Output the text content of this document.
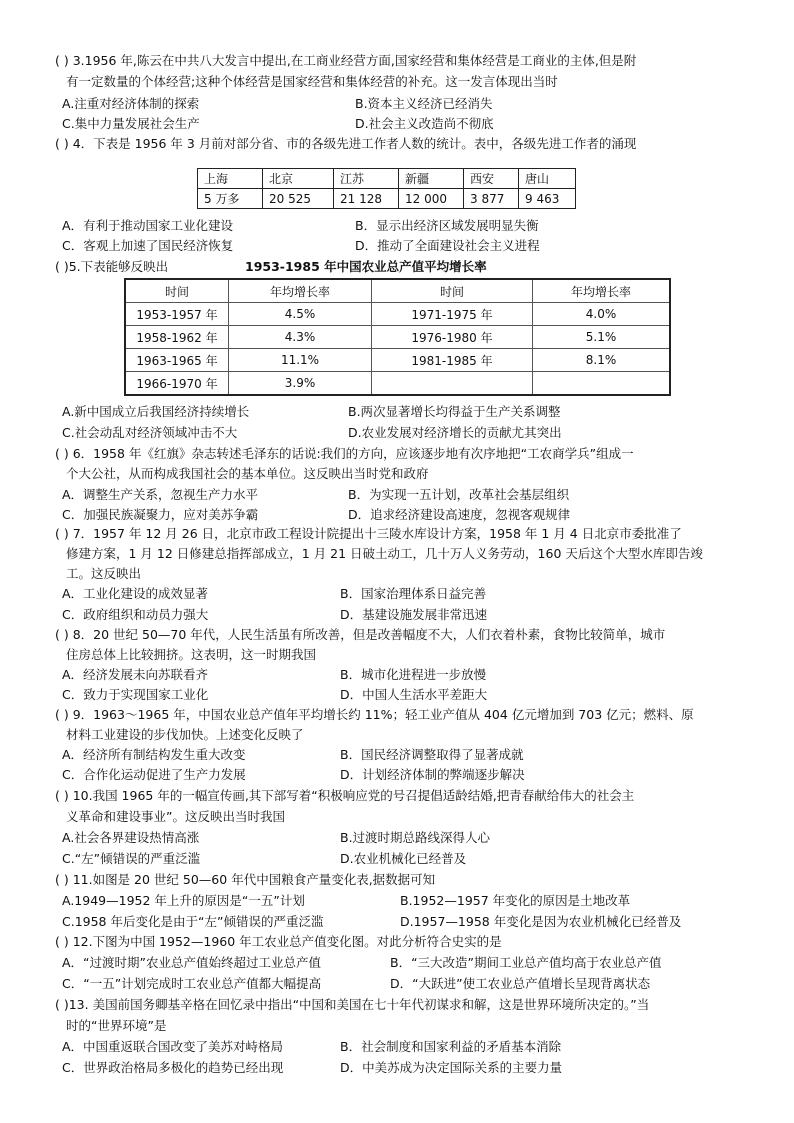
( ) 3.1956 年,陈云在中共八大发言中提出,在工商业经营方面,国家经营和集体经营是工商业的主体,但是附
有一定数量的个体经营;这种个体经营是国家经营和集体经营的补充。这一发言体现出当时
A.注重对经济体制的探索	B.资本主义经济已经消失
C.集中力量发展社会生产	D.社会主义改造尚不彻底
( ) 4．下表是 1956 年 3 月前对部分省、市的各级先进工作者人数的统计。表中，各级先进工作者的涌现
上海	北京	江苏	新疆	西安	唐山
5 万多	20 525	21 128	12 000	3 877	9 463
A．有利于推动国家工业化建设	B．显示出经济区域发展明显失衡
C．客观上加速了国民经济恢复	D．推动了全面建设社会主义进程
( )5.下表能够反映出	1953-1985 年中国农业总产值平均增长率
时间	年均增长率	时间	年均增长率
1953-1957 年	4.5%	1971-1975 年	4.0%
1958-1962 年	4.3%	1976-1980 年	5.1%
1963-1965 年	11.1%	1981-1985 年	8.1%
1966-1970 年	3.9%		
A.新中国成立后我国经济持续增长	B.两次显著增长均得益于生产关系调整
C.社会动乱对经济领域冲击不大	D.农业发展对经济增长的贡献尤其突出
( ) 6．1958 年《红旗》杂志转述毛泽东的话说:我们的方向，应该逐步地有次序地把“工农商学兵”组成一
个大公社，从而构成我国社会的基本单位。这反映出当时党和政府
A．调整生产关系，忽视生产力水平	B．为实现一五计划，改革社会基层组织
C．加强民族凝聚力，应对美苏争霸	D．追求经济建设高速度，忽视客观规律
( ) 7．1957 年 12 月 26 日，北京市政工程设计院提出十三陵水库设计方案，1958 年 1 月 4 日北京市委批准了
修建方案，1 月 12 日修建总指挥部成立，1 月 21 日破土动工，几十万人义务劳动，160 天后这个大型水库即告竣
工。这反映出
A．工业化建设的成效显著	B．国家治理体系日益完善
C．政府组织和动员力强大	D．基建设施发展非常迅速
( ) 8．20 世纪 50—70 年代，人民生活虽有所改善，但是改善幅度不大，人们衣着朴素，食物比较简单，城市
住房总体上比较拥挤。这表明，这一时期我国
A．经济发展未向苏联看齐	B．城市化进程进一步放慢
C．致力于实现国家工业化	D．中国人生活水平差距大
( ) 9．1963～1965 年，中国农业总产值年平均增长约 11%；轻工业产值从 404 亿元增加到 703 亿元；燃料、原
材料工业建设的步伐加快。上述变化反映了
A．经济所有制结构发生重大改变	B．国民经济调整取得了显著成就
C．合作化运动促进了生产力发展	D．计划经济体制的弊端逐步解决
( ) 10.我国 1965 年的一幅宣传画,其下部写着“积极响应党的号召提倡适龄结婚,把青春献给伟大的社会主
义革命和建设事业”。这反映出当时我国
A.社会各界建设热情高涨	B.过渡时期总路线深得人心
C.“左”倾错误的严重泛滥	D.农业机械化已经普及
( ) 11.如图是 20 世纪 50—60 年代中国粮食产量变化表,据数据可知
A.1949—1952 年上升的原因是“一五”计划	B.1952—1957 年变化的原因是土地改革
C.1958 年后变化是由于“左”倾错误的严重泛滥	D.1957—1958 年变化是因为农业机械化已经普及
( ) 12.下图为中国 1952—1960 年工农业总产值变化图。对此分析符合史实的是
A．“过渡时期”农业总产值始终超过工业总产值	B．“三大改造”期间工业总产值均高于农业总产值
C．“一五”计划完成时工农业总产值都大幅提高	D．“大跃进”使工农业总产值增长呈现背离状态
( )13. 美国前国务卿基辛格在回忆录中指出“中国和美国在七十年代初谋求和解，这是世界环境所决定的。”当
时的“世界环境”是
A．中国重返联合国改变了美苏对峙格局	B．社会制度和国家利益的矛盾基本消除
C．世界政治格局多极化的趋势已经出现	D．中美苏成为决定国际关系的主要力量
